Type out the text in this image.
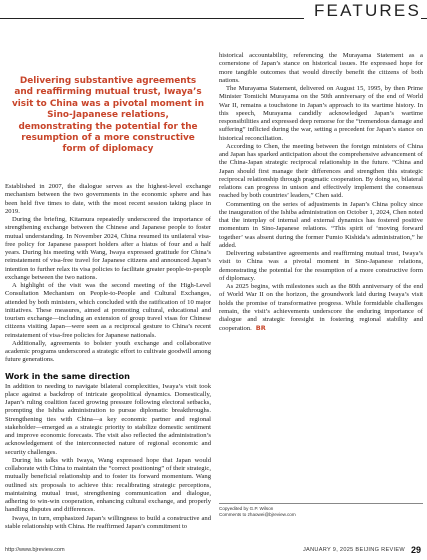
FEATURES
Delivering substantive agreements and reaffirming mutual trust, Iwaya’s visit to China was a pivotal moment in Sino-Japanese relations, demonstrating the potential for the resumption of a more constructive form of diplomacy

Established in 2007, the dialogue serves as the highest-level exchange mechanism between the two governments in the economic sphere and has been held five times to date, with the most recent session taking place in 2019.

During the briefing, Kitamura repeatedly underscored the importance of strengthening exchange between the Chinese and Japanese people to foster mutual understanding. In November 2024, China resumed its unilateral visa-free policy for Japanese passport holders after a hiatus of four and a half years. During his meeting with Wang, Iwaya expressed gratitude for China’s reinstatement of visa-free travel for Japanese citizens and announced Japan’s intention to further relax its visa policies to facilitate greater people-to-people exchange between the two nations.

A highlight of the visit was the second meeting of the High-Level Consultation Mechanism on People-to-People and Cultural Exchanges, attended by both ministers, which concluded with the ratification of 10 major initiatives. These measures, aimed at promoting cultural, educational and tourism exchange—including an extension of group travel visas for Chinese citizens visiting Japan—were seen as a reciprocal gesture to China’s recent reinstatement of visa-free policies for Japanese nationals.

Additionally, agreements to bolster youth exchange and collaborative academic programs underscored a strategic effort to cultivate goodwill among future generations.

Work in the same direction

In addition to needing to navigate bilateral complexities, Iwaya’s visit took place against a backdrop of intricate geopolitical dynamics. Domestically, Japan’s ruling coalition faced growing pressure following electoral setbacks, prompting the Ishiba administration to pursue diplomatic breakthroughs. Strengthening ties with China—a key economic partner and regional stakeholder—emerged as a strategic priority to stabilize domestic sentiment and improve economic forecasts. The visit also reflected the administration’s acknowledgement of the interconnected nature of regional economic and security challenges.

During his talks with Iwaya, Wang expressed hope that Japan would collaborate with China to maintain the “correct positioning” of their strategic, mutually beneficial relationship and to foster its forward momentum. Wang outlined six proposals to achieve this: recalibrating strategic perceptions, maintaining mutual trust, strengthening communication and dialogue, adhering to win-win cooperation, enhancing cultural exchange, and properly handling disputes and differences.

Iwaya, in turn, emphasized Japan’s willingness to build a constructive and stable relationship with China. He reaffirmed Japan’s commitment to

historical accountability, referencing the Murayama Statement as a cornerstone of Japan’s stance on historical issues. He expressed hope for more tangible outcomes that would directly benefit the citizens of both nations.

The Murayama Statement, delivered on August 15, 1995, by then Prime Minister Tomiichi Murayama on the 50th anniversary of the end of World War II, remains a touchstone in Japan’s approach to its wartime history. In this speech, Murayama candidly acknowledged Japan’s wartime responsibilities and expressed deep remorse for the “tremendous damage and suffering” inflicted during the war, setting a precedent for Japan’s stance on historical reconciliation.

According to Chen, the meeting between the foreign ministers of China and Japan has sparked anticipation about the comprehensive advancement of the China-Japan strategic reciprocal relationship in the future. “China and Japan should first manage their differences and strengthen this strategic reciprocal relationship through pragmatic cooperation. By doing so, bilateral relations can progress in unison and effectively implement the consensus reached by both countries’ leaders,” Chen said.

Commenting on the series of adjustments in Japan’s China policy since the inauguration of the Ishiba administration on October 1, 2024, Chen noted that the interplay of internal and external dynamics has fostered positive momentum in Sino-Japanese relations. “This spirit of ‘moving forward together’ was absent during the former Fumio Kishida’s administration,” he added.

Delivering substantive agreements and reaffirming mutual trust, Iwaya’s visit to China was a pivotal moment in Sino-Japanese relations, demonstrating the potential for the resumption of a more constructive form of diplomacy.

As 2025 begins, with milestones such as the 80th anniversary of the end of World War II on the horizon, the groundwork laid during Iwaya’s visit holds the promise of transformative progress. While formidable challenges remain, the visit’s achievements underscore the enduring importance of dialogue and strategic foresight in fostering regional stability and cooperation. BR

Copyedited by G.P. Wilson
Comments to zhaowei@bjreview.com
http://www.bjreview.com	JANUARY 9, 2025 BEIJING REVIEW 29
